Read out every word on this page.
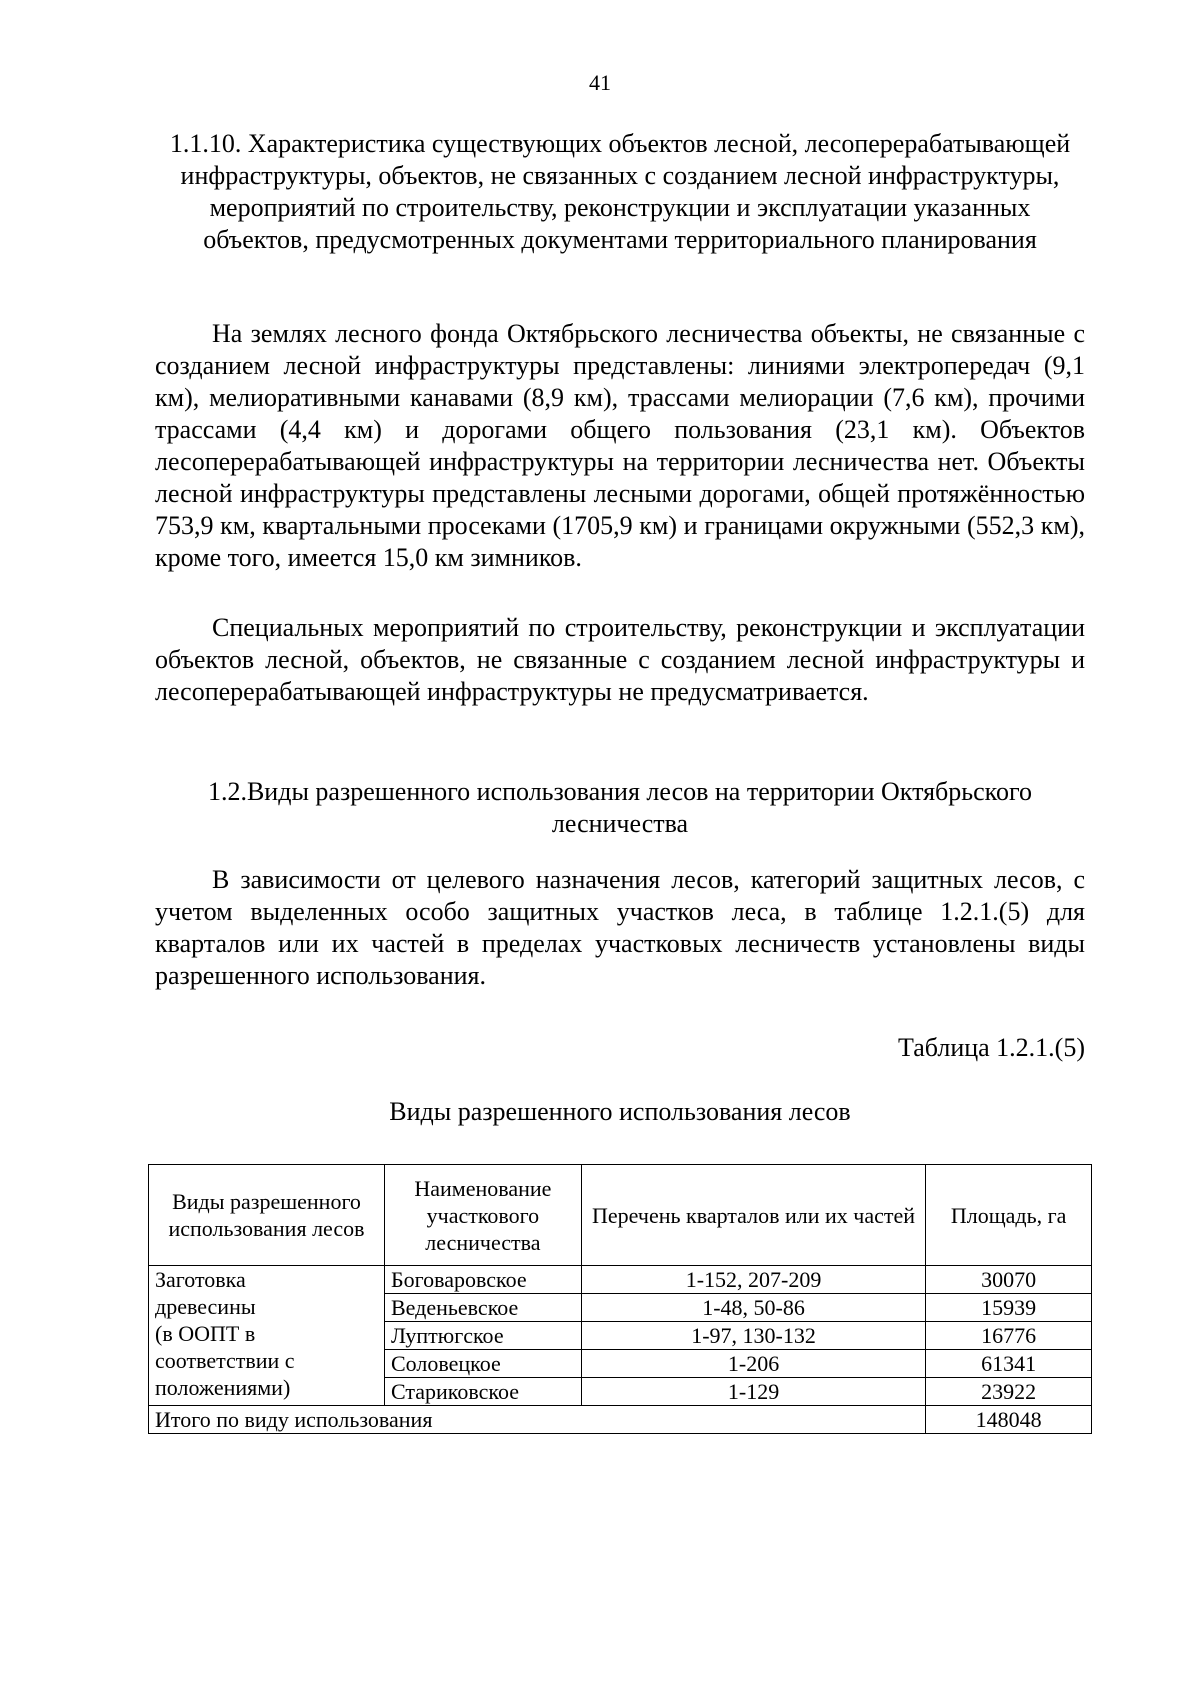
41
1.1.10. Характеристика существующих объектов лесной, лесоперерабатывающей инфраструктуры, объектов, не связанных с созданием лесной инфраструктуры, мероприятий по строительству, реконструкции и эксплуатации указанных объектов, предусмотренных документами территориального планирования

На землях лесного фонда Октябрьского лесничества объекты, не связанные с созданием лесной инфраструктуры представлены: линиями электропередач (9,1 км), мелиоративными канавами (8,9 км), трассами мелиорации (7,6 км), прочими трассами (4,4 км) и дорогами общего пользования (23,1 км). Объектов лесоперерабатывающей инфраструктуры на территории лесничества нет. Объекты лесной инфраструктуры представлены лесными дорогами, общей протяжённостью 753,9 км, квартальными просеками (1705,9 км) и границами окружными (552,3 км), кроме того, имеется 15,0 км зимников.

Специальных мероприятий по строительству, реконструкции и эксплуатации объектов лесной, объектов, не связанные с созданием лесной инфраструктуры и лесоперерабатывающей инфраструктуры не предусматривается.

1.2.Виды разрешенного использования лесов на территории Октябрьского лесничества

В зависимости от целевого назначения лесов, категорий защитных лесов, с учетом выделенных особо защитных участков леса, в таблице 1.2.1.(5) для кварталов или их частей в пределах участковых лесничеств установлены виды разрешенного использования.

Таблица 1.2.1.(5)
Виды разрешенного использования лесов
Виды разрешенного использования лесов	Наименование участкового лесничества	Перечень кварталов или их частей	Площадь, га
Заготовка
древесины
(в ООПТ в
соответствии с
положениями)	Боговаровское	1-152, 207-209	30070
	Веденьевское	1-48, 50-86	15939
	Луптюгское	1-97, 130-132	16776
	Соловецкое	1-206	61341
	Стариковское	1-129	23922
Итого по виду использования			148048
